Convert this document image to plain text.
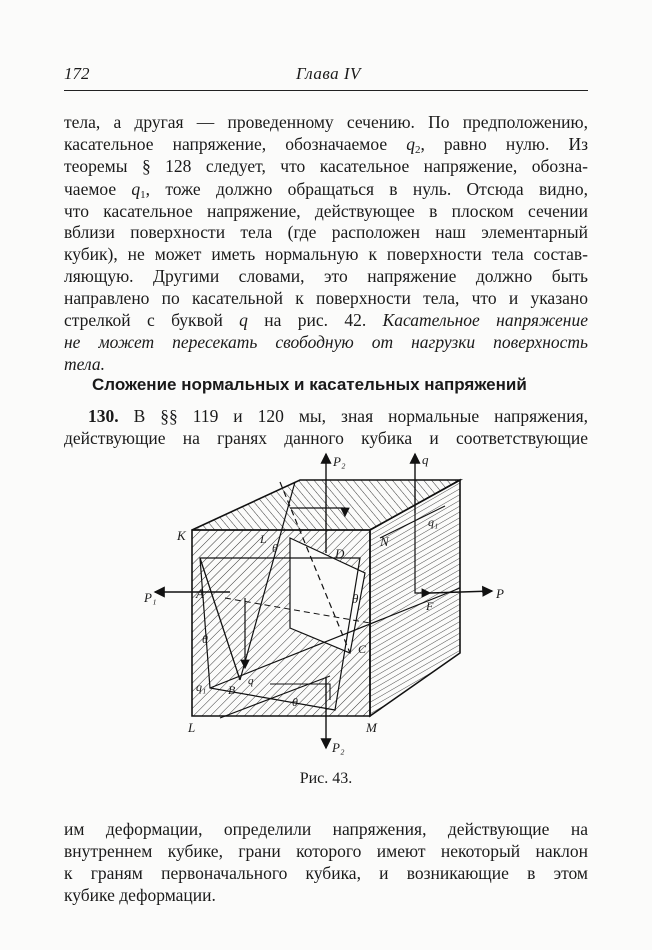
172	Глава IV
тела, а другая — проведенному сечению. По предположению,
касательное напряжение, обозначаемое $q_2$, равно нулю. Из
теоремы § 128 следует, что касательное напряжение, обозна-
чаемое $q_1$, тоже должно обращаться в нуль. Отсюда видно,
что касательное напряжение, действующее в плоском сечении
вблизи поверхности тела (где расположен наш элементарный
кубик), не может иметь нормальную к поверхности тела состав-
ляющую. Другими словами, это напряжение должно быть
направлено по касательной к поверхности тела, что и указано
стрелкой с буквой q на рис. 42. Касательное напряжение
не может пересекать свободную от нагрузки поверхность
тела.
Сложение нормальных и касательных напряжений
130. В §§ 119 и 120 мы, зная нормальные напряжения,
действующие на гранях данного кубика и соответствующие
P₂	q
K	L
θ	N
D
q₁
P₁	A	θ	P
F
θ
C
q₁ B
q
θ
L	M
P₂
Рис. 43.
им деформации, определили напряжения, действующие на
внутреннем кубике, грани которого имеют некоторый наклон
к граням первоначального кубика, и возникающие в этом
кубике деформации.
